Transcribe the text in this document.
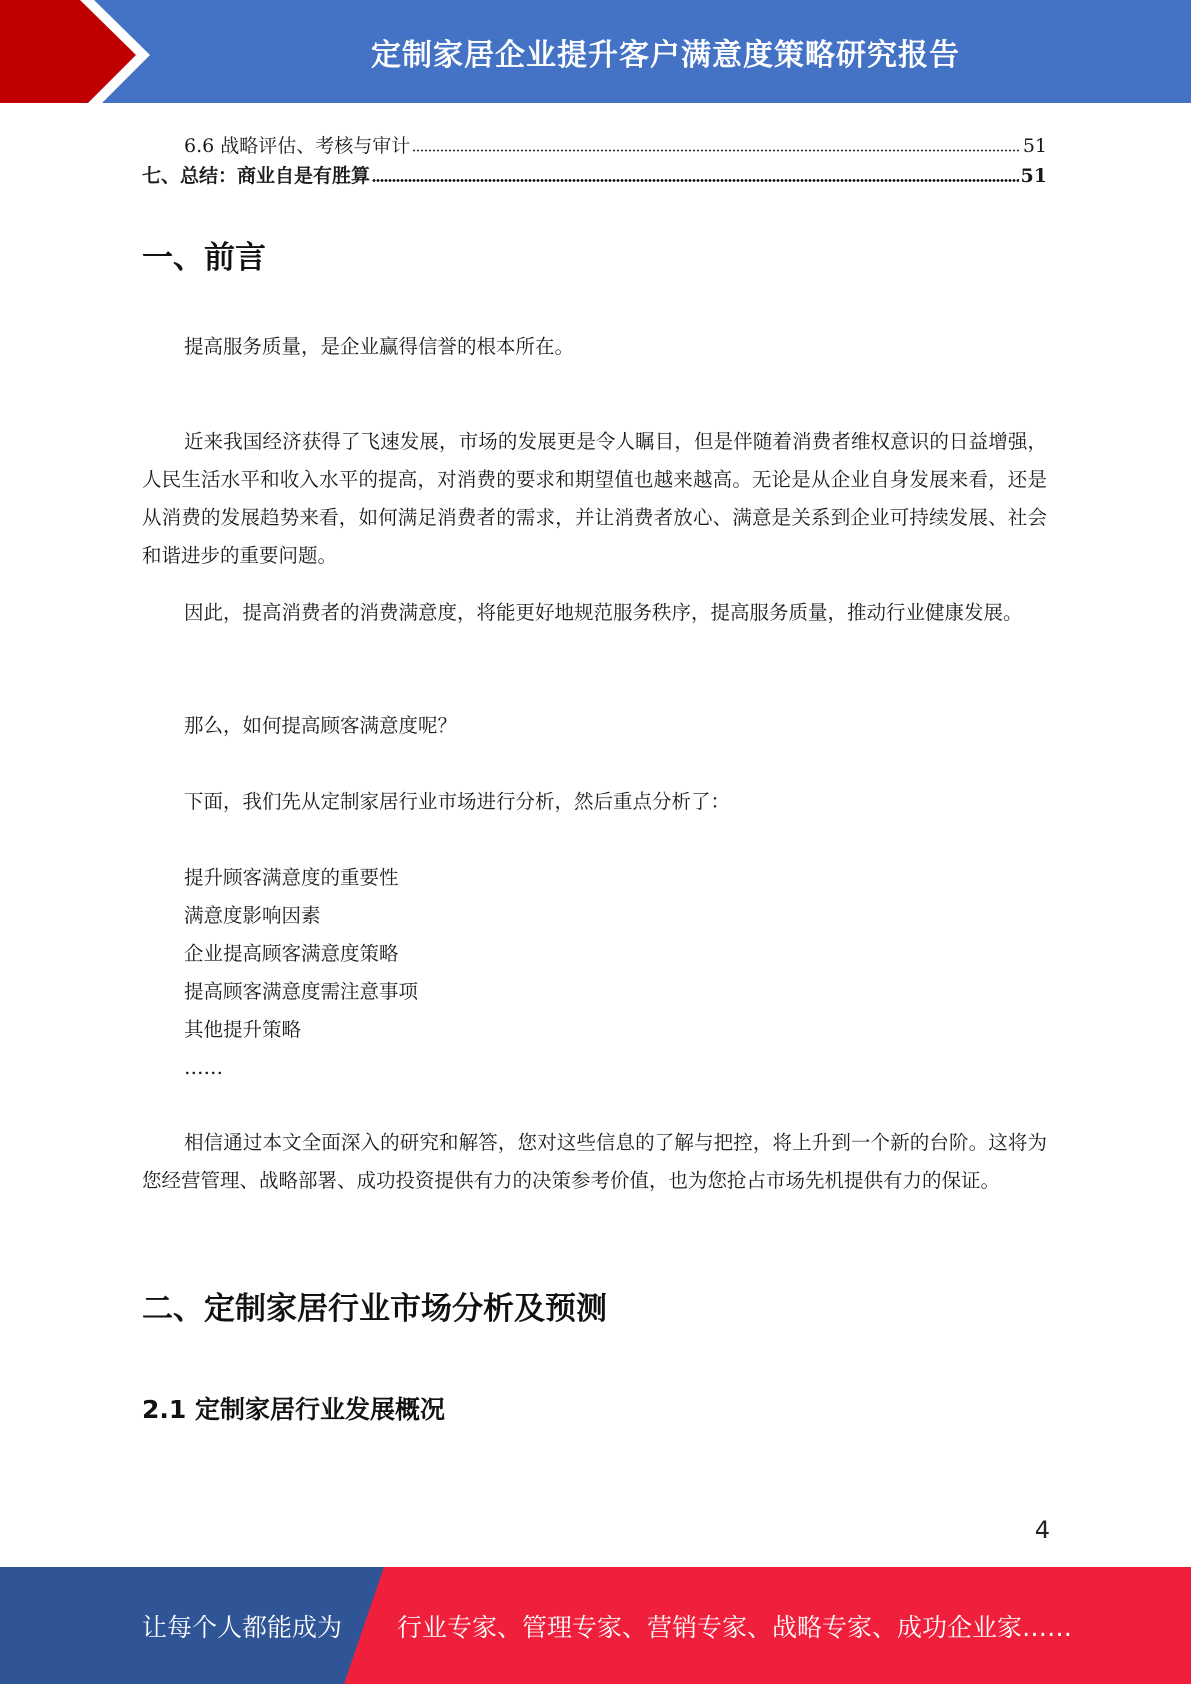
定制家居企业提升客户满意度策略研究报告
6.6 战略评估、考核与审计	51
七、总结：商业自是有胜算	51
一、前言
提高服务质量，是企业赢得信誉的根本所在。
近来我国经济获得了飞速发展，市场的发展更是令人瞩目，但是伴随着消费者维权意识的日益增强，人民生活水平和收入水平的提高，对消费的要求和期望值也越来越高。无论是从企业自身发展来看，还是从消费的发展趋势来看，如何满足消费者的需求，并让消费者放心、满意是关系到企业可持续发展、社会和谐进步的重要问题。
因此，提高消费者的消费满意度，将能更好地规范服务秩序，提高服务质量，推动行业健康发展。
那么，如何提高顾客满意度呢？
下面，我们先从定制家居行业市场进行分析，然后重点分析了：
提升顾客满意度的重要性
满意度影响因素
企业提高顾客满意度策略
提高顾客满意度需注意事项
其他提升策略
……
相信通过本文全面深入的研究和解答，您对这些信息的了解与把控，将上升到一个新的台阶。这将为您经营管理、战略部署、成功投资提供有力的决策参考价值，也为您抢占市场先机提供有力的保证。
二、定制家居行业市场分析及预测
2.1 定制家居行业发展概况
4
让每个人都能成为 行业专家、管理专家、营销专家、战略专家、成功企业家……
